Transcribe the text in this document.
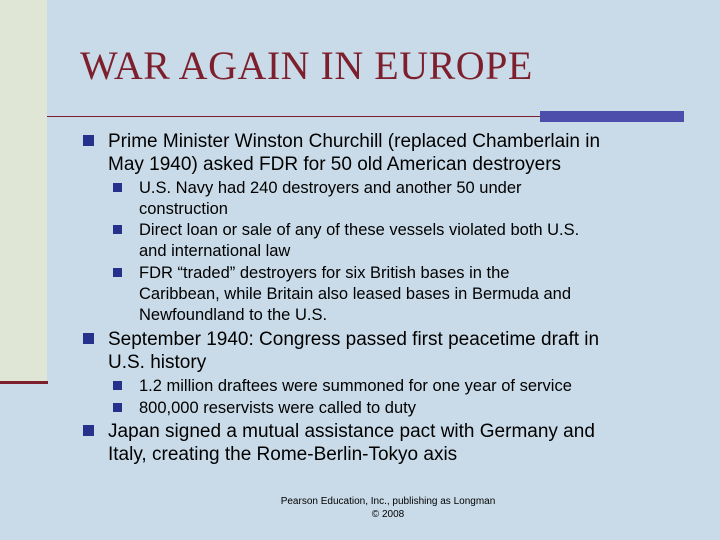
WAR AGAIN IN EUROPE
Prime Minister Winston Churchill (replaced Chamberlain in
May 1940) asked FDR for 50 old American destroyers
U.S. Navy had 240 destroyers and another 50 under
construction
Direct loan or sale of any of these vessels violated both U.S.
and international law
FDR “traded” destroyers for six British bases in the
Caribbean, while Britain also leased bases in Bermuda and
Newfoundland to the U.S.
September 1940: Congress passed first peacetime draft in
U.S. history
1.2 million draftees were summoned for one year of service
800,000 reservists were called to duty
Japan signed a mutual assistance pact with Germany and
Italy, creating the Rome-Berlin-Tokyo axis
Pearson Education, Inc., publishing as Longman
© 2008
